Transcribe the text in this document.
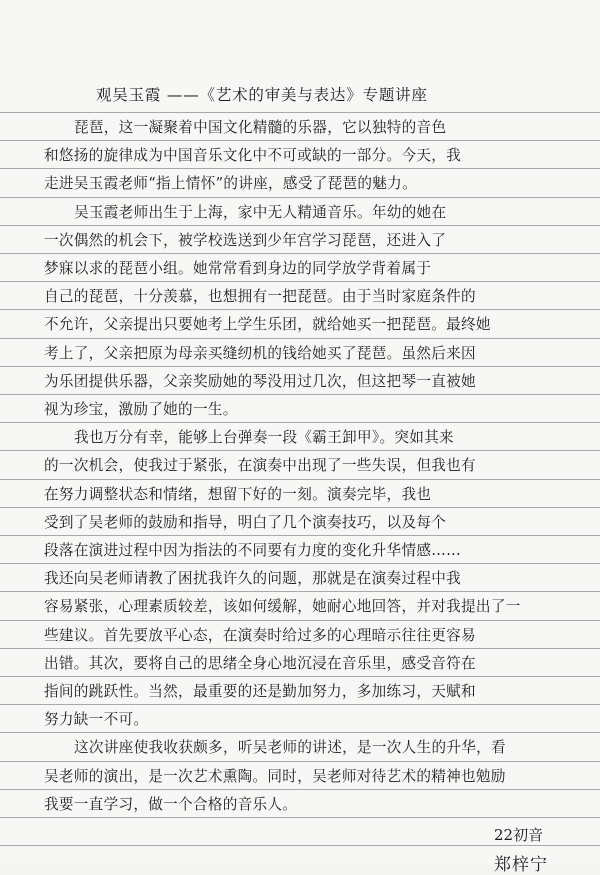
观吴玉霞 ——《艺术的审美与表达》专题讲座
琵琶，这一凝聚着中国文化精髓的乐器，它以独特的音色
和悠扬的旋律成为中国音乐文化中不可或缺的一部分。今天，我
走进吴玉霞老师“指上情怀”的讲座，感受了琵琶的魅力。
吴玉霞老师出生于上海，家中无人精通音乐。年幼的她在
一次偶然的机会下，被学校选送到少年宫学习琵琶，还进入了
梦寐以求的琵琶小组。她常常看到身边的同学放学背着属于
自己的琵琶，十分羡慕，也想拥有一把琵琶。由于当时家庭条件的
不允许，父亲提出只要她考上学生乐团，就给她买一把琵琶。最终她
考上了，父亲把原为母亲买缝纫机的钱给她买了琵琶。虽然后来因
为乐团提供乐器，父亲奖励她的琴没用过几次，但这把琴一直被她
视为珍宝，激励了她的一生。
我也万分有幸，能够上台弹奏一段《霸王卸甲》。突如其来
的一次机会，使我过于紧张，在演奏中出现了一些失误，但我也有
在努力调整状态和情绪，想留下好的一刻。演奏完毕，我也
受到了吴老师的鼓励和指导，明白了几个演奏技巧，以及每个
段落在演进过程中因为指法的不同要有力度的变化升华情感……
我还向吴老师请教了困扰我许久的问题，那就是在演奏过程中我
容易紧张，心理素质较差，该如何缓解，她耐心地回答，并对我提出了一
些建议。首先要放平心态，在演奏时给过多的心理暗示往往更容易
出错。其次，要将自己的思绪全身心地沉浸在音乐里，感受音符在
指间的跳跃性。当然，最重要的还是勤加努力，多加练习，天赋和
努力缺一不可。
这次讲座使我收获颇多，听吴老师的讲述，是一次人生的升华，看
吴老师的演出，是一次艺术熏陶。同时，吴老师对待艺术的精神也勉励
我要一直学习，做一个合格的音乐人。
22初音
郑梓宁
